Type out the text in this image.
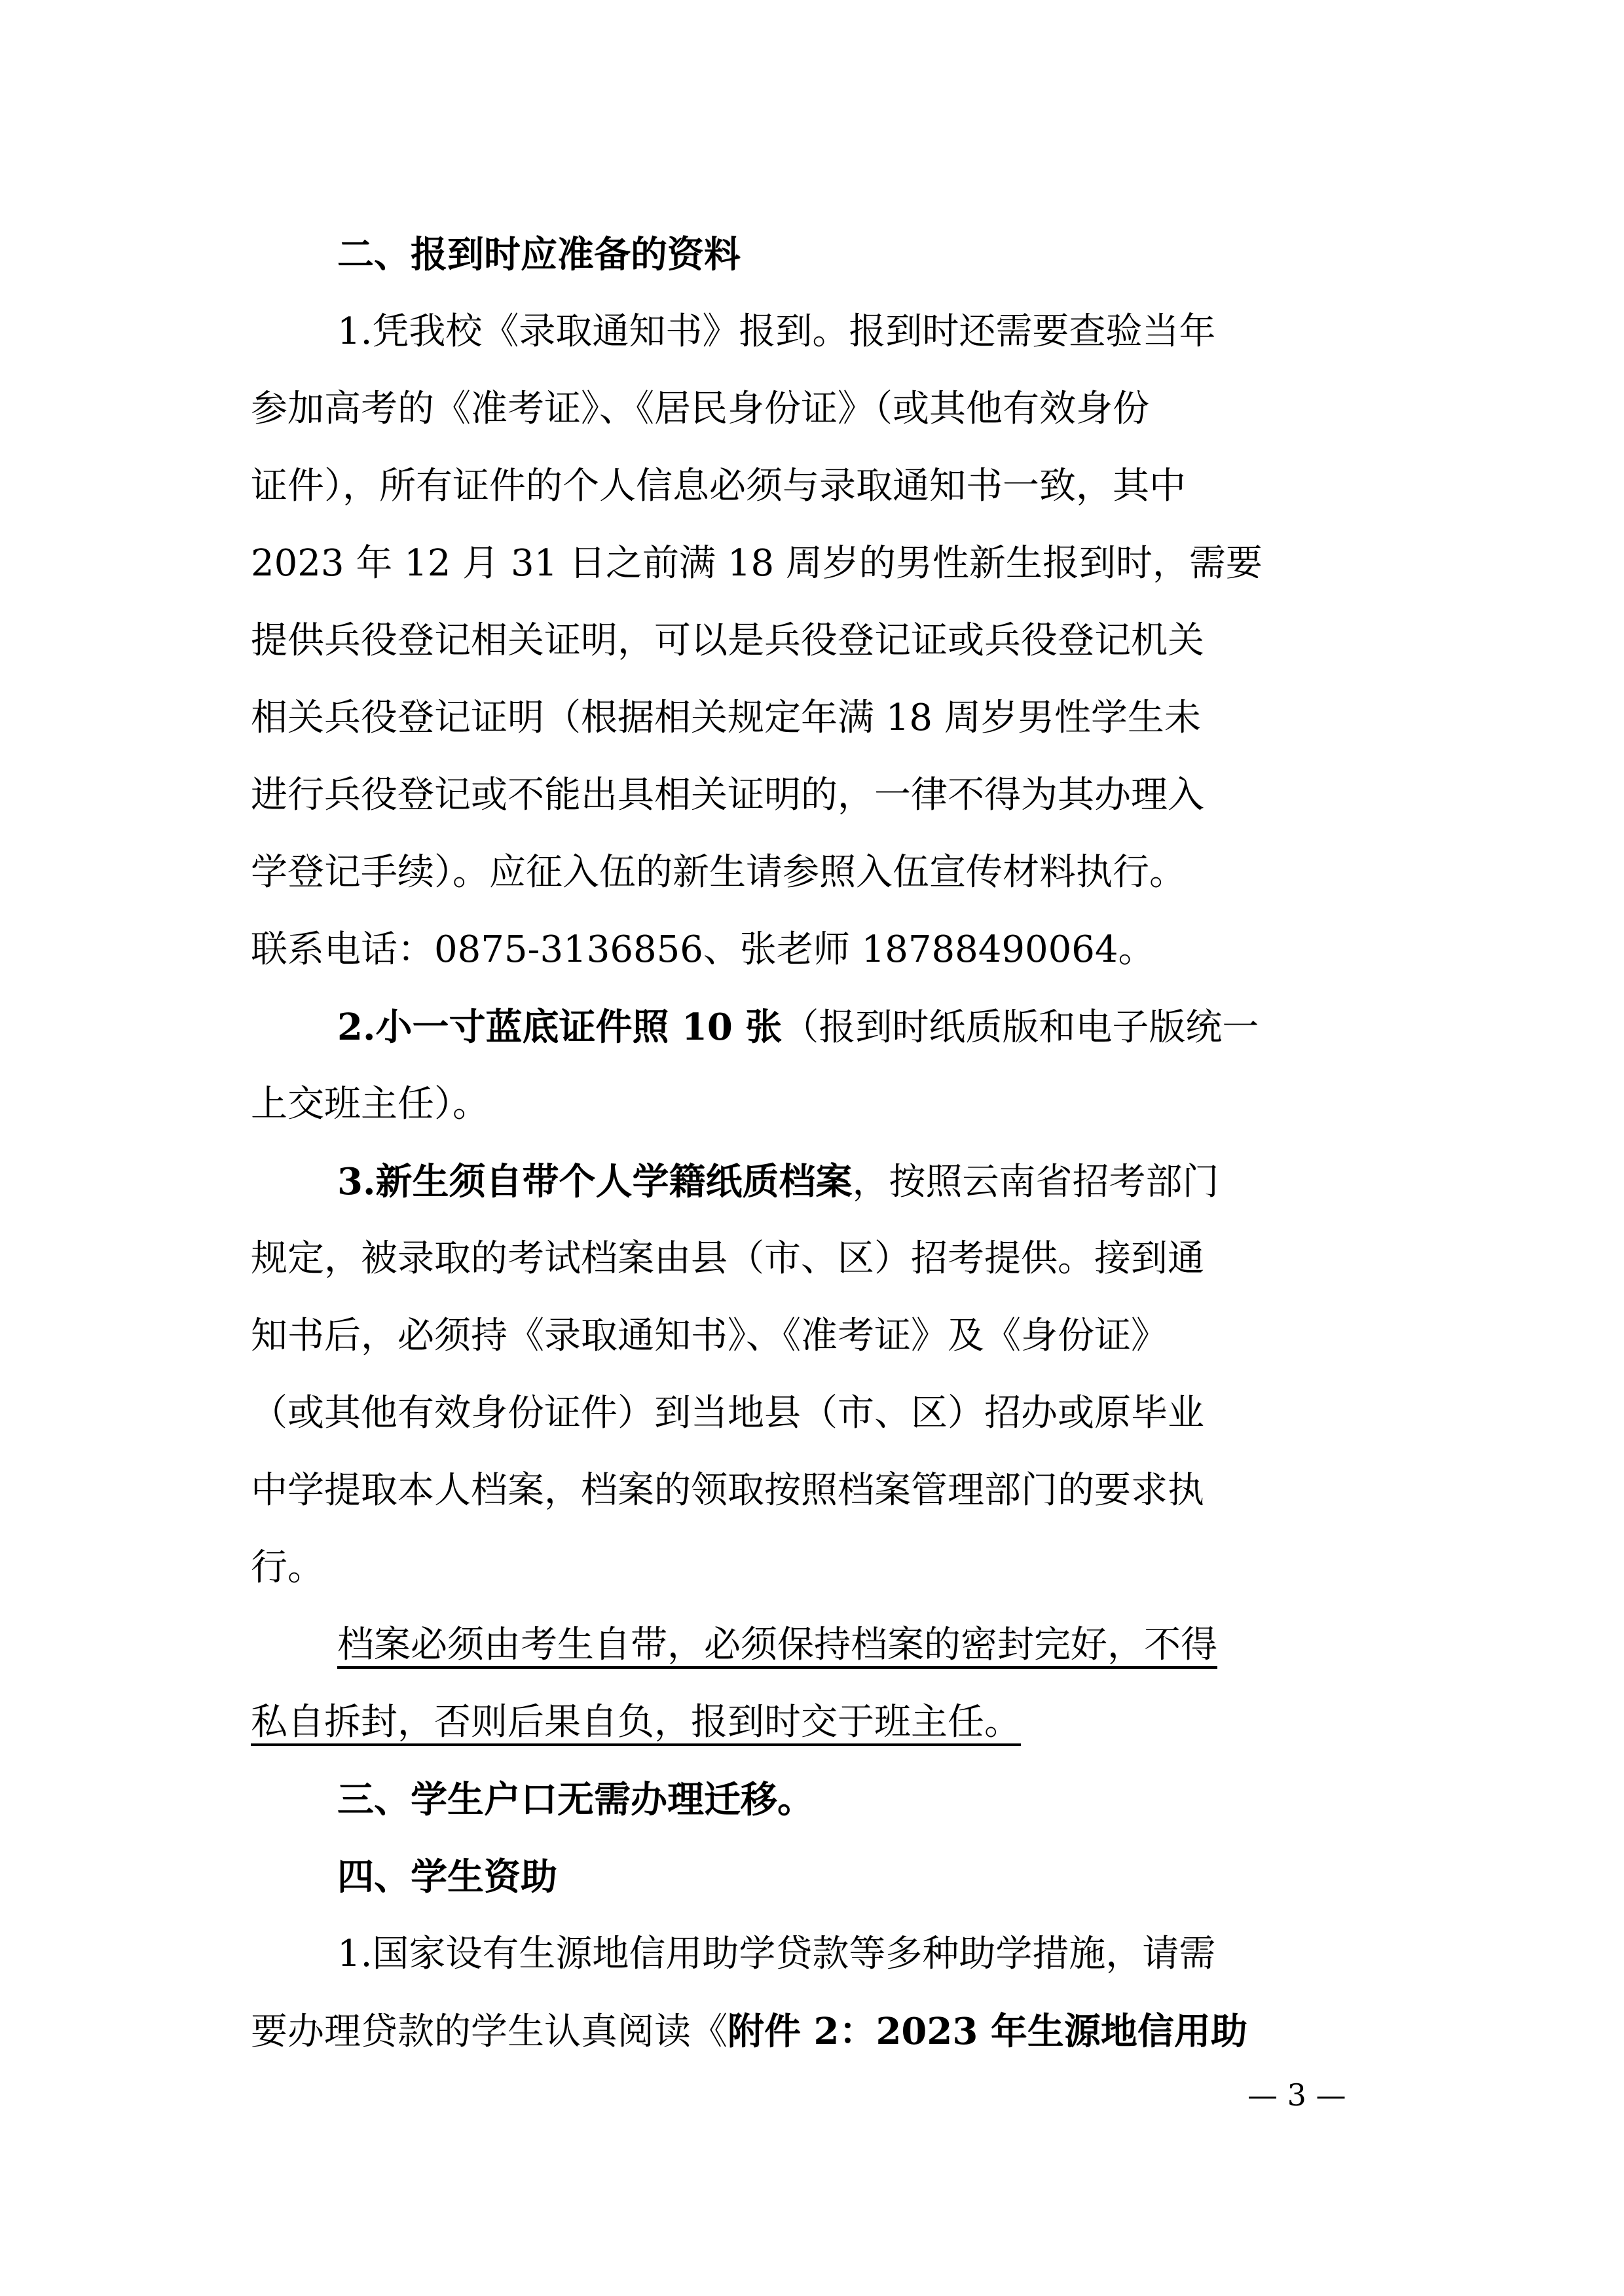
二、报到时应准备的资料

1.凭我校《录取通知书》报到。报到时还需要查验当年

参加高考的《准考证》、《居民身份证》（或其他有效身份

证件），所有证件的个人信息必须与录取通知书一致，其中

2023 年 12 月 31 日之前满 18 周岁的男性新生报到时，需要

提供兵役登记相关证明，可以是兵役登记证或兵役登记机关

相关兵役登记证明（根据相关规定年满 18 周岁男性学生未

进行兵役登记或不能出具相关证明的，一律不得为其办理入

学登记手续）。应征入伍的新生请参照入伍宣传材料执行。

联系电话：0875-3136856、张老师 18788490064。

2.小一寸蓝底证件照 10 张（报到时纸质版和电子版统一

上交班主任）。

3.新生须自带个人学籍纸质档案，按照云南省招考部门

规定，被录取的考试档案由县（市、区）招考提供。接到通

知书后，必须持《录取通知书》、《准考证》及《身份证》

（或其他有效身份证件）到当地县（市、区）招办或原毕业

中学提取本人档案，档案的领取按照档案管理部门的要求执

行。

档案必须由考生自带，必须保持档案的密封完好，不得

私自拆封，否则后果自负，报到时交于班主任。

三、学生户口无需办理迁移。

四、学生资助

1.国家设有生源地信用助学贷款等多种助学措施，请需

要办理贷款的学生认真阅读《附件 2：2023 年生源地信用助

— 3 —
